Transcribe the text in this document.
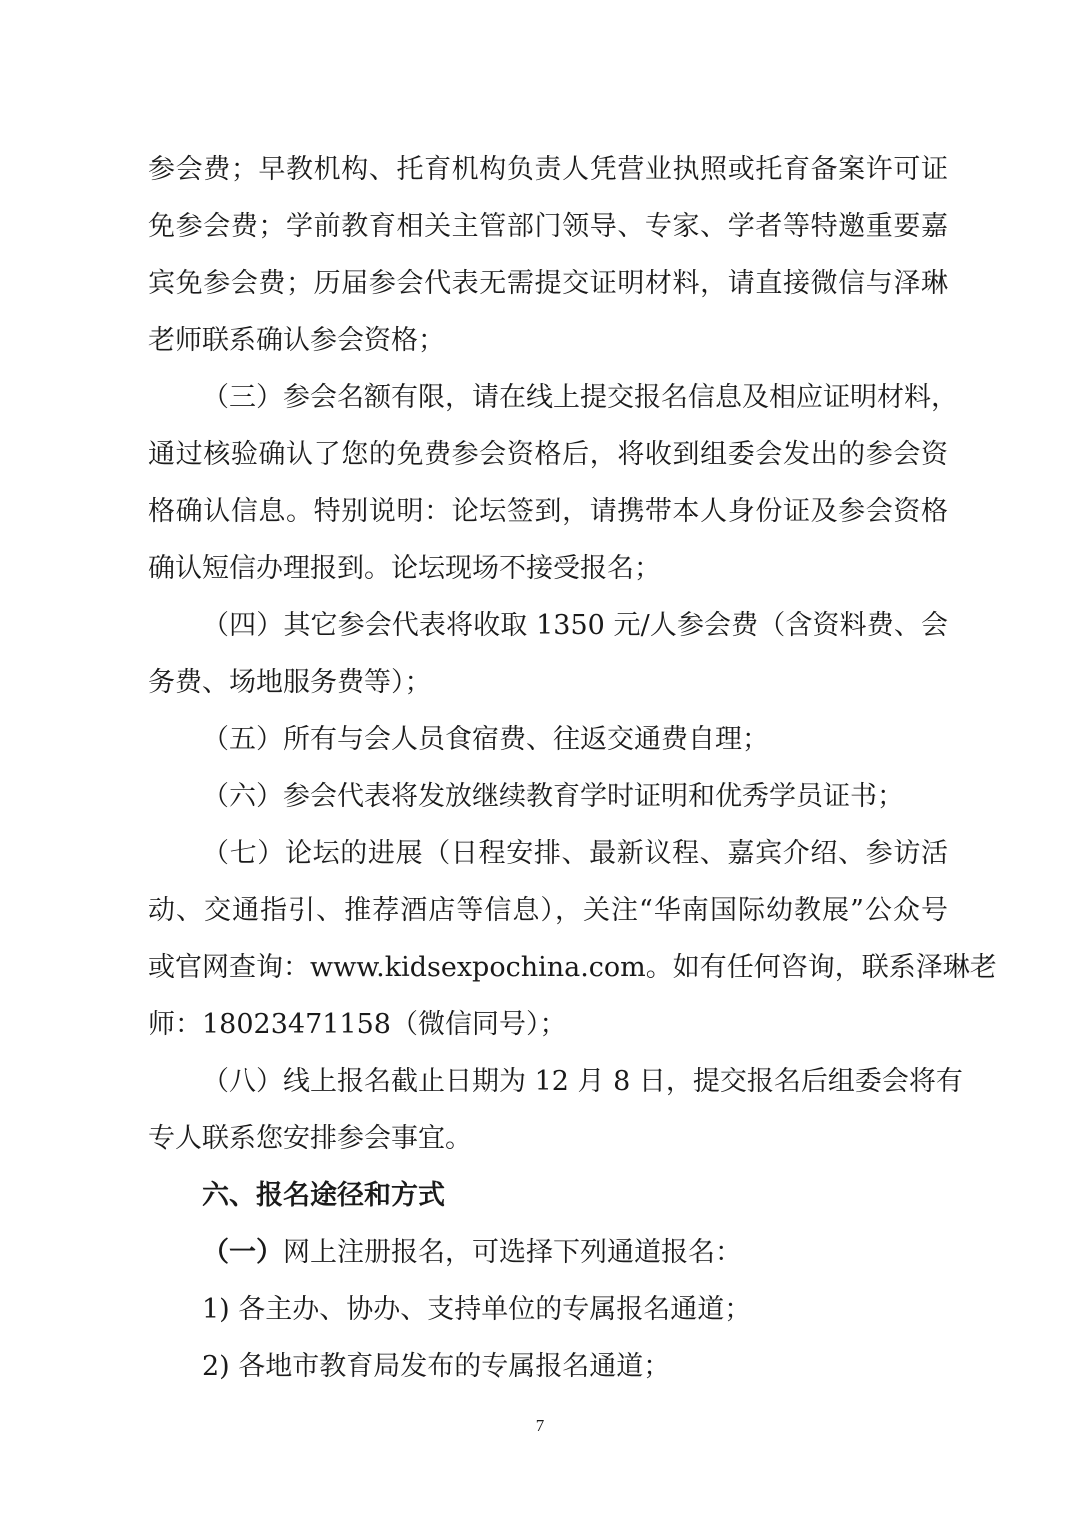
参会费；早教机构、托育机构负责人凭营业执照或托育备案许可证
免参会费；学前教育相关主管部门领导、专家、学者等特邀重要嘉
宾免参会费；历届参会代表无需提交证明材料，请直接微信与泽琳
老师联系确认参会资格；
（三）参会名额有限，请在线上提交报名信息及相应证明材料，
通过核验确认了您的免费参会资格后，将收到组委会发出的参会资
格确认信息。特别说明：论坛签到，请携带本人身份证及参会资格
确认短信办理报到。论坛现场不接受报名；
（四）其它参会代表将收取 1350 元/人参会费（含资料费、会
务费、场地服务费等）；
（五）所有与会人员食宿费、往返交通费自理；
（六）参会代表将发放继续教育学时证明和优秀学员证书；
（七）论坛的进展（日程安排、最新议程、嘉宾介绍、参访活
动、交通指引、推荐酒店等信息），关注“华南国际幼教展”公众号
或官网查询：www.kidsexpochina.com。如有任何咨询，联系泽琳老
师：18023471158（微信同号）；
（八）线上报名截止日期为 12 月 8 日，提交报名后组委会将有
专人联系您安排参会事宜。
六、报名途径和方式
（一）网上注册报名，可选择下列通道报名：
1) 各主办、协办、支持单位的专属报名通道；
2) 各地市教育局发布的专属报名通道；
7
